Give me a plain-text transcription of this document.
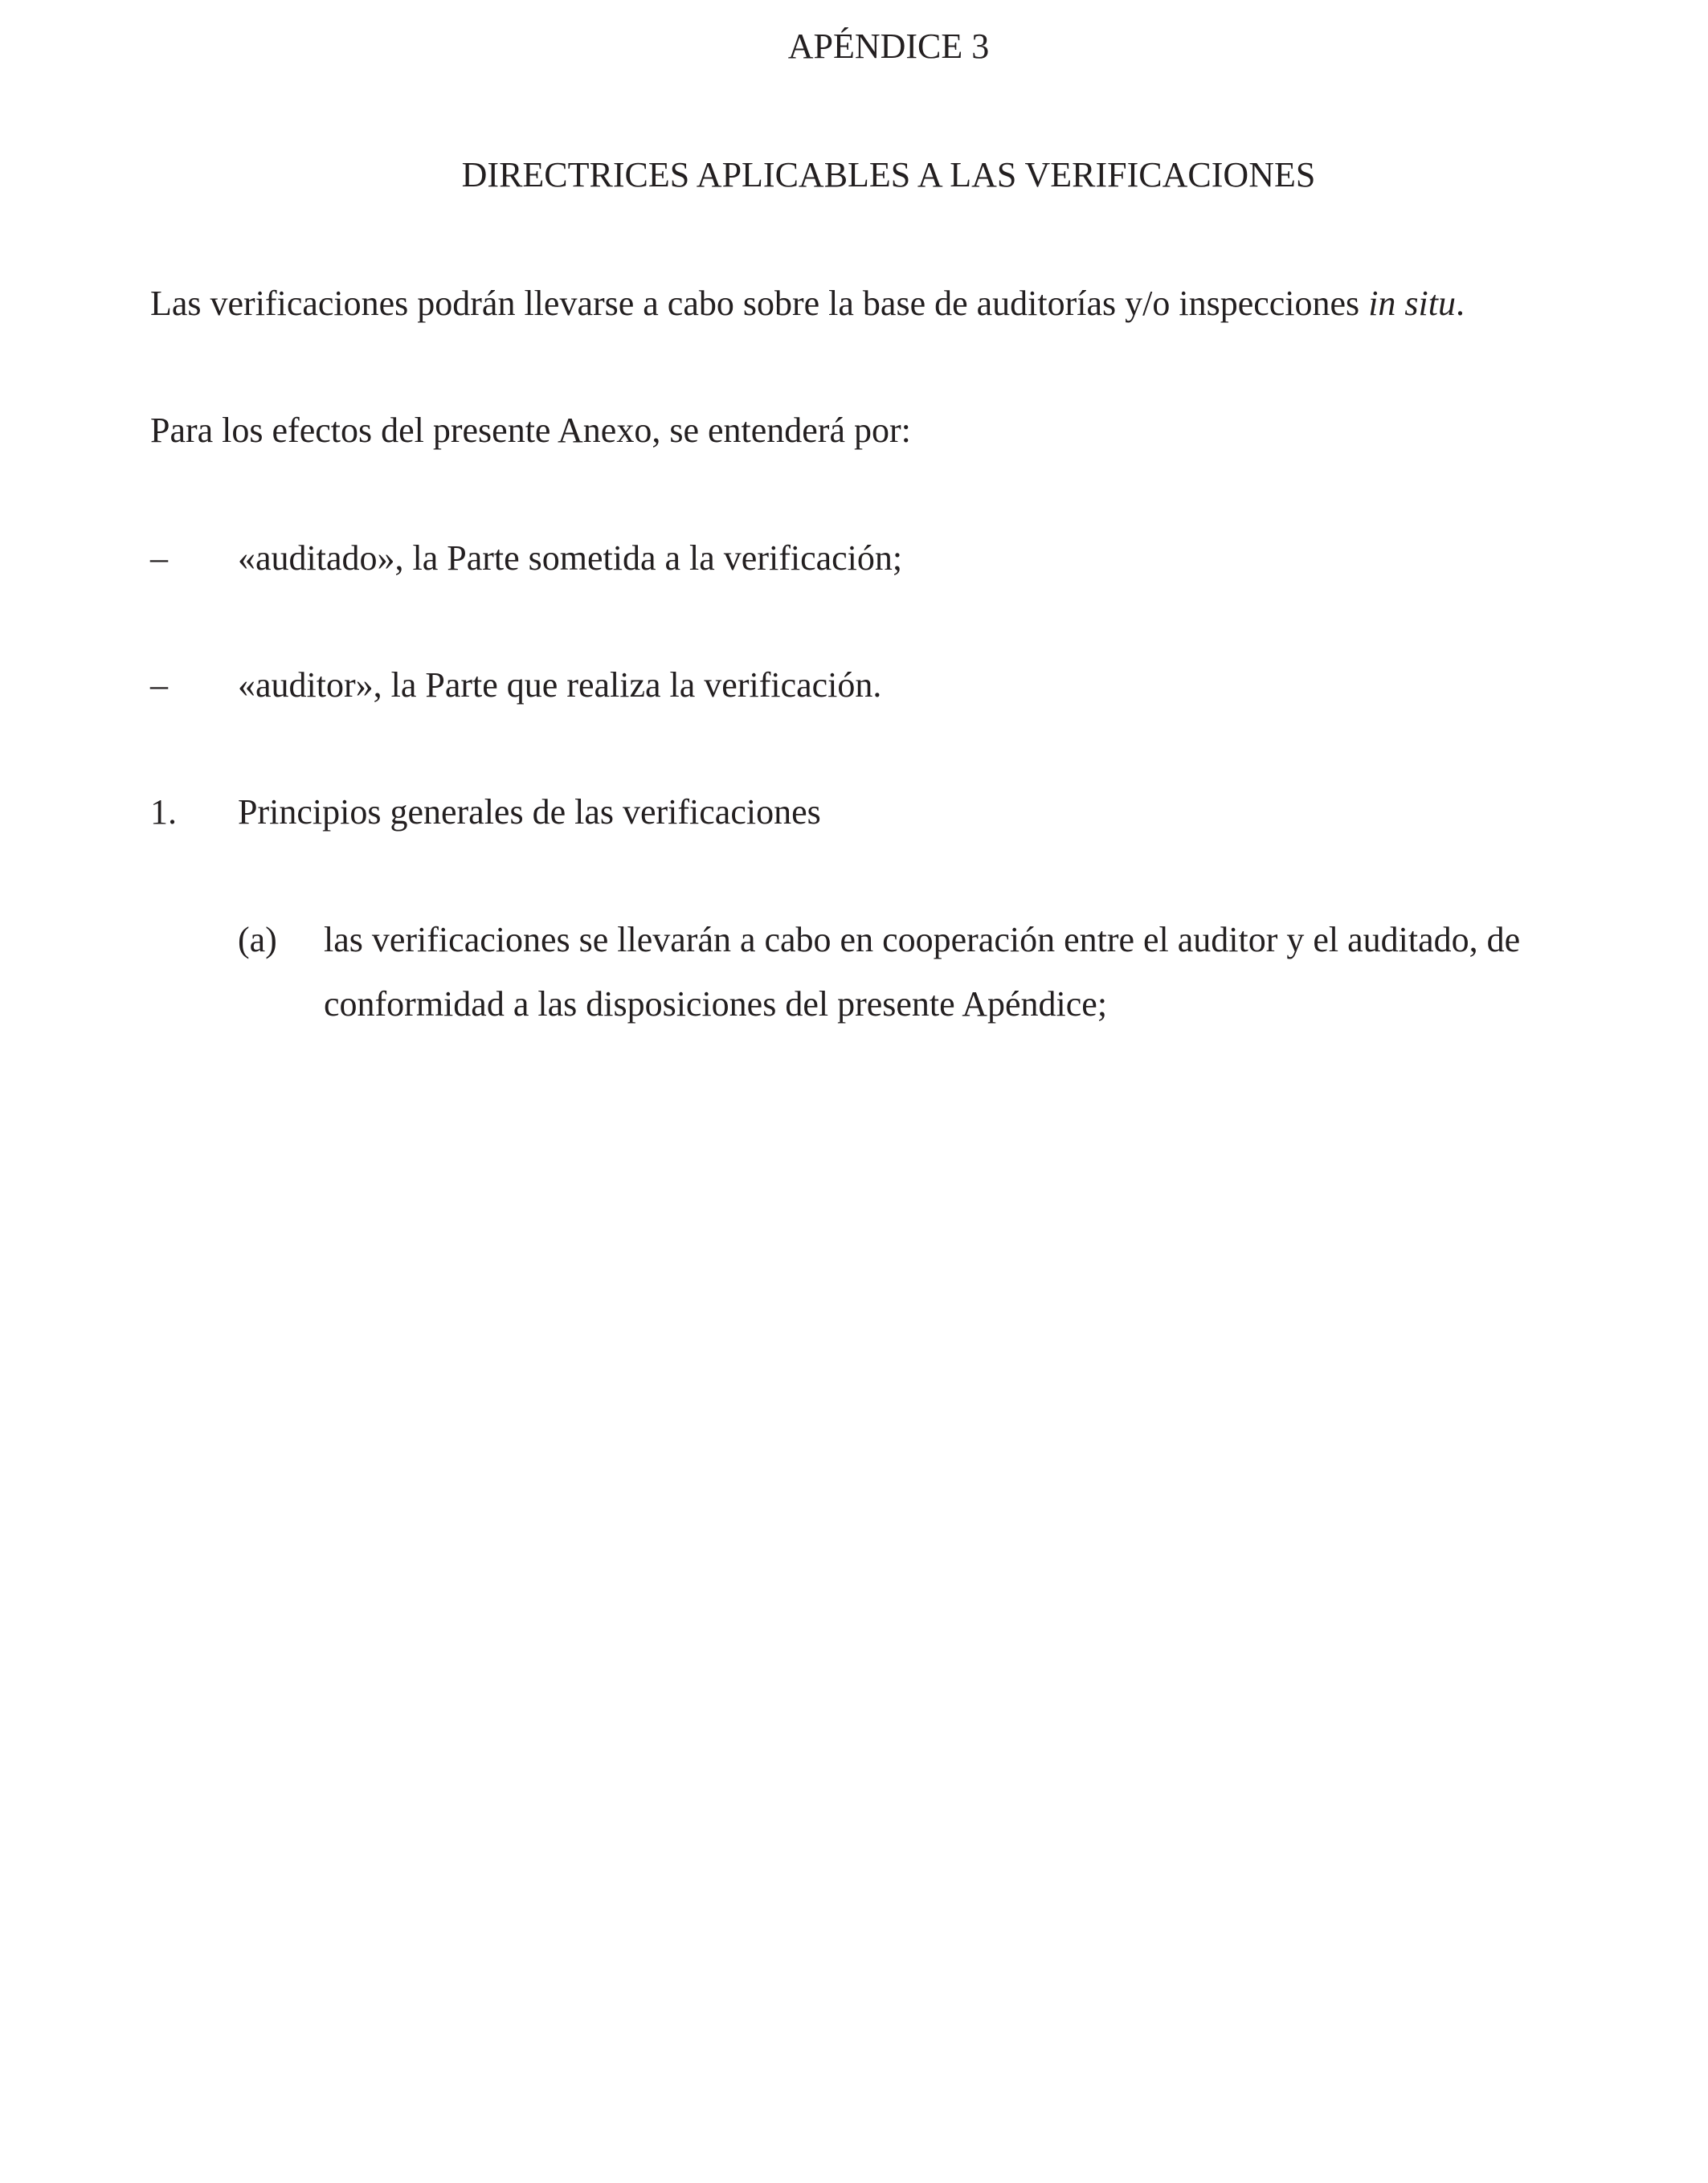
APÉNDICE 3
DIRECTRICES APLICABLES A LAS VERIFICACIONES
Las verificaciones podrán llevarse a cabo sobre la base de auditorías y/o inspecciones in situ.
Para los efectos del presente Anexo, se entenderá por:
– «auditado», la Parte sometida a la verificación;
– «auditor», la Parte que realiza la verificación.
1. Principios generales de las verificaciones
(a) las verificaciones se llevarán a cabo en cooperación entre el auditor y el auditado, de conformidad a las disposiciones del presente Apéndice;
